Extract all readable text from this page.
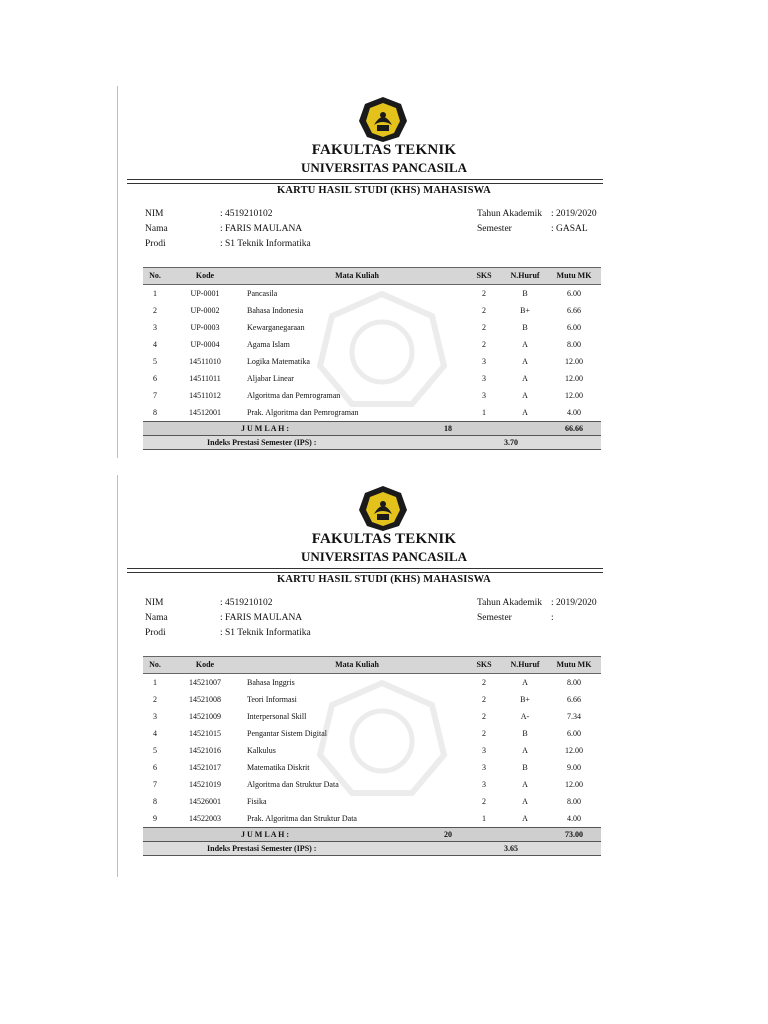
FAKULTAS TEKNIK
UNIVERSITAS PANCASILA
KARTU HASIL STUDI (KHS) MAHASISWA
NIM	: 4519210102
Nama	: FARIS MAULANA
Prodi	: S1 Teknik Informatika
Tahun Akademik : 2019/2020
Semester	: GASAL
No.	Kode	Mata Kuliah	SKS	N.Huruf	Mutu MK
1	UP-0001	Pancasila	2	B	6.00
2	UP-0002	Bahasa Indonesia	2	B+	6.66
3	UP-0003	Kewarganegaraan	2	B	6.00
4	UP-0004	Agama Islam	2	A	8.00
5	14511010	Logika Matematika	3	A	12.00
6	14511011	Aljabar Linear	3	A	12.00
7	14511012	Algoritma dan Pemrograman	3	A	12.00
8	14512001	Prak. Algoritma dan Pemrograman	1	A	4.00
J U M L A H :	18	66.66
Indeks Prestasi Semester (IPS) :	3.70
FAKULTAS TEKNIK
UNIVERSITAS PANCASILA
KARTU HASIL STUDI (KHS) MAHASISWA
NIM	: 4519210102
Nama	: FARIS MAULANA
Prodi	: S1 Teknik Informatika
Tahun Akademik : 2019/2020
Semester	:
No.	Kode	Mata Kuliah	SKS	N.Huruf	Mutu MK
1	14521007	Bahasa Inggris	2	A	8.00
2	14521008	Teori Informasi	2	B+	6.66
3	14521009	Interpersonal Skill	2	A-	7.34
4	14521015	Pengantar Sistem Digital	2	B	6.00
5	14521016	Kalkulus	3	A	12.00
6	14521017	Matematika Diskrit	3	B	9.00
7	14521019	Algoritma dan Struktur Data	3	A	12.00
8	14526001	Fisika	2	A	8.00
9	14522003	Prak. Algoritma dan Struktur Data	1	A	4.00
J U M L A H :	20	73.00
Indeks Prestasi Semester (IPS) :	3.65
